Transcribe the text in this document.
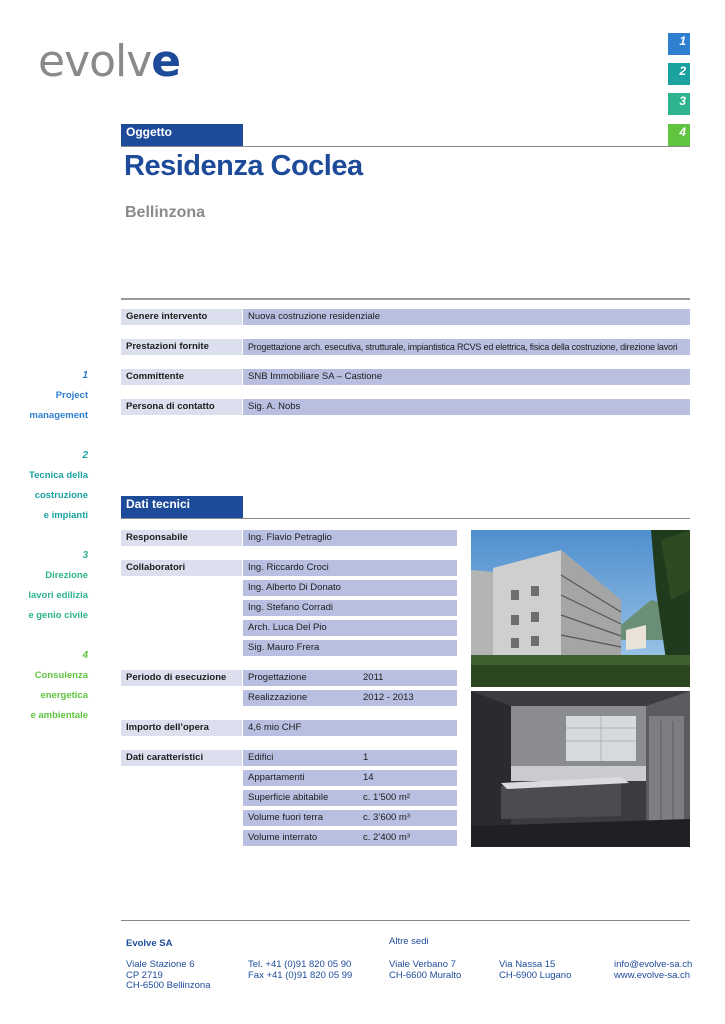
evolve	1
2
3
4
Oggetto
Residenza Coclea
Bellinzona
Genere intervento	Nuova costruzione residenziale
Prestazioni fornite	Progettazione arch. esecutiva, strutturale, impiantistica RCVS ed elettrica, fisica della costruzione, direzione lavori
Committente	SNB Immobiliare SA – Castione
Persona di contatto	Sig. A. Nobs
1
Project
management
2
Tecnica della
costruzione
e impianti
3
Direzione
lavori edilizia
e genio civile
4
Consulenza
energetica
e ambientale
Dati tecnici
Responsabile	Ing. Flavio Petraglio
Collaboratori	Ing. Riccardo Croci
Ing. Alberto Di Donato
Ing. Stefano Corradi
Arch. Luca Del Pio
Sig. Mauro Frera
Periodo di esecuzione	Progettazione	2011
Realizzazione	2012 - 2013
Importo dell’opera	4,6 mio CHF
Dati caratteristici	Edifici	1
Appartamenti	14
Superficie abitabile	c. 1’500 m²
Volume fuori terra	c. 3’600 m³
Volume interrato	c. 2’400 m³
Evolve SA	Altre sedi
Viale Stazione 6
CP 2719
CH-6500 Bellinzona
Tel. +41 (0)91 820 05 90
Fax +41 (0)91 820 05 99
Viale Verbano 7
CH-6600 Muralto
Via Nassa 15
CH-6900 Lugano
info@evolve-sa.ch
www.evolve-sa.ch
